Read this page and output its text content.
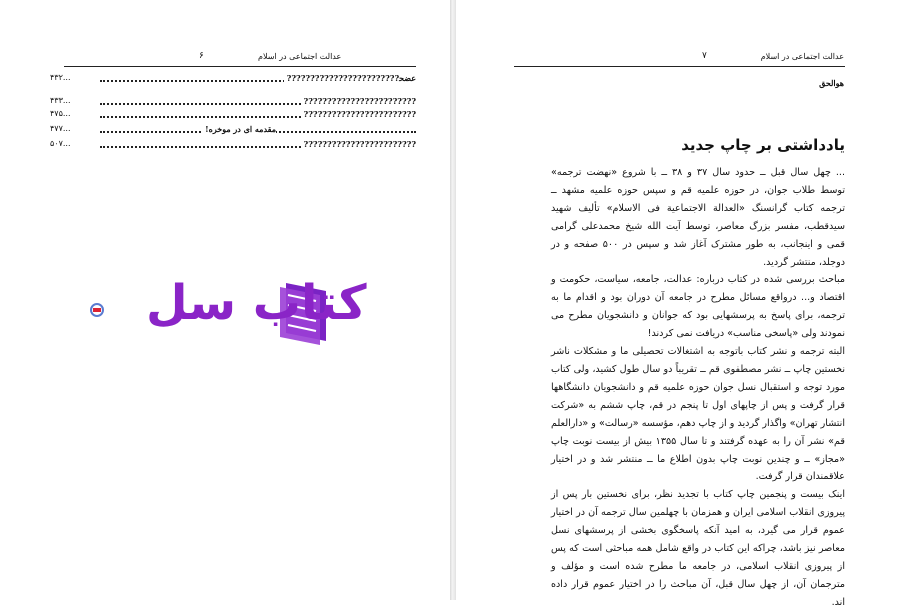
عدالت اجتماعی در اسلام
۶
ع‍ض‍ح‍????????????????????????
۴۳۲...
????????????????????????
۴۳۳...
????????????????????????
۴۷۵...
مقدمه ای در موخره!
۴۷۷...
????????????????????????
۵۰۷...
کتاب سل
عدالت اجتماعی در اسلام
۷
هوالحق
یادداشتی بر چاپ جدید

... چهل سال قبل ــ حدود سال ۳۷ و ۳۸ ــ با شروع «نهضت ترجمه» توسط طلاب جوان، در حوزه علمیه قم و سپس حوزه علمیه مشهد ــ ترجمه کتاب گرانسنگ «العدالة الاجتماعیة فی الاسلام» تألیف شهید سیدقطب، مفسر بزرگ معاصر، توسط آیت الله شیخ محمدعلی گرامی قمی و اینجانب، به طور مشترک آغاز شد و سپس در ۵۰۰ صفحه و در دوجلد، منتشر گردید.

مباحث بررسی شده در کتاب درباره: عدالت، جامعه، سیاست، حکومت و اقتصاد و... درواقع مسائل مطرح در جامعه آن دوران بود و اقدام ما به ترجمه، برای پاسخ به پرسشهایی بود که جوانان و دانشجویان مطرح می نمودند ولی «پاسخی مناسب» دریافت نمی کردند!

البته ترجمه و نشر کتاب باتوجه به اشتغالات تحصیلی ما و مشکلات ناشر نخستین چاپ ــ نشر مصطفوی قم ــ تقریباً دو سال طول کشید، ولی کتاب مورد توجه و استقبال نسل جوان حوزه علمیه قم و دانشجویان دانشگاهها قرار گرفت و پس از چاپهای اول تا پنجم در قم، چاپ ششم به «شرکت انتشار تهران» واگذار گردید و از چاپ دهم، مؤسسه «رسالت» و «دارالعلم قم» نشر آن را به عهده گرفتند و تا سال ۱۳۵۵ بیش از بیست نوبت چاپ «مجاز» ــ و چندین نوبت چاپ بدون اطلاع ما ــ منتشر شد و در اختیار علاقمندان قرار گرفت.

اینک بیست و پنجمین چاپ کتاب با تجدید نظر، برای نخستین بار پس از پیروزی انقلاب اسلامی ایران و همزمان با چهلمین سال ترجمه آن در اختیار عموم قرار می گیرد، به امید آنکه پاسخگوی بخشی از پرسشهای نسل معاصر نیز باشد، چراکه این کتاب در واقع شامل همه مباحثی است که پس از پیروزی انقلاب اسلامی، در جامعه ما مطرح شده است و مؤلف و مترجمان آن، از چهل سال قبل، آن مباحث را در اختیار عموم قرار داده اند.
